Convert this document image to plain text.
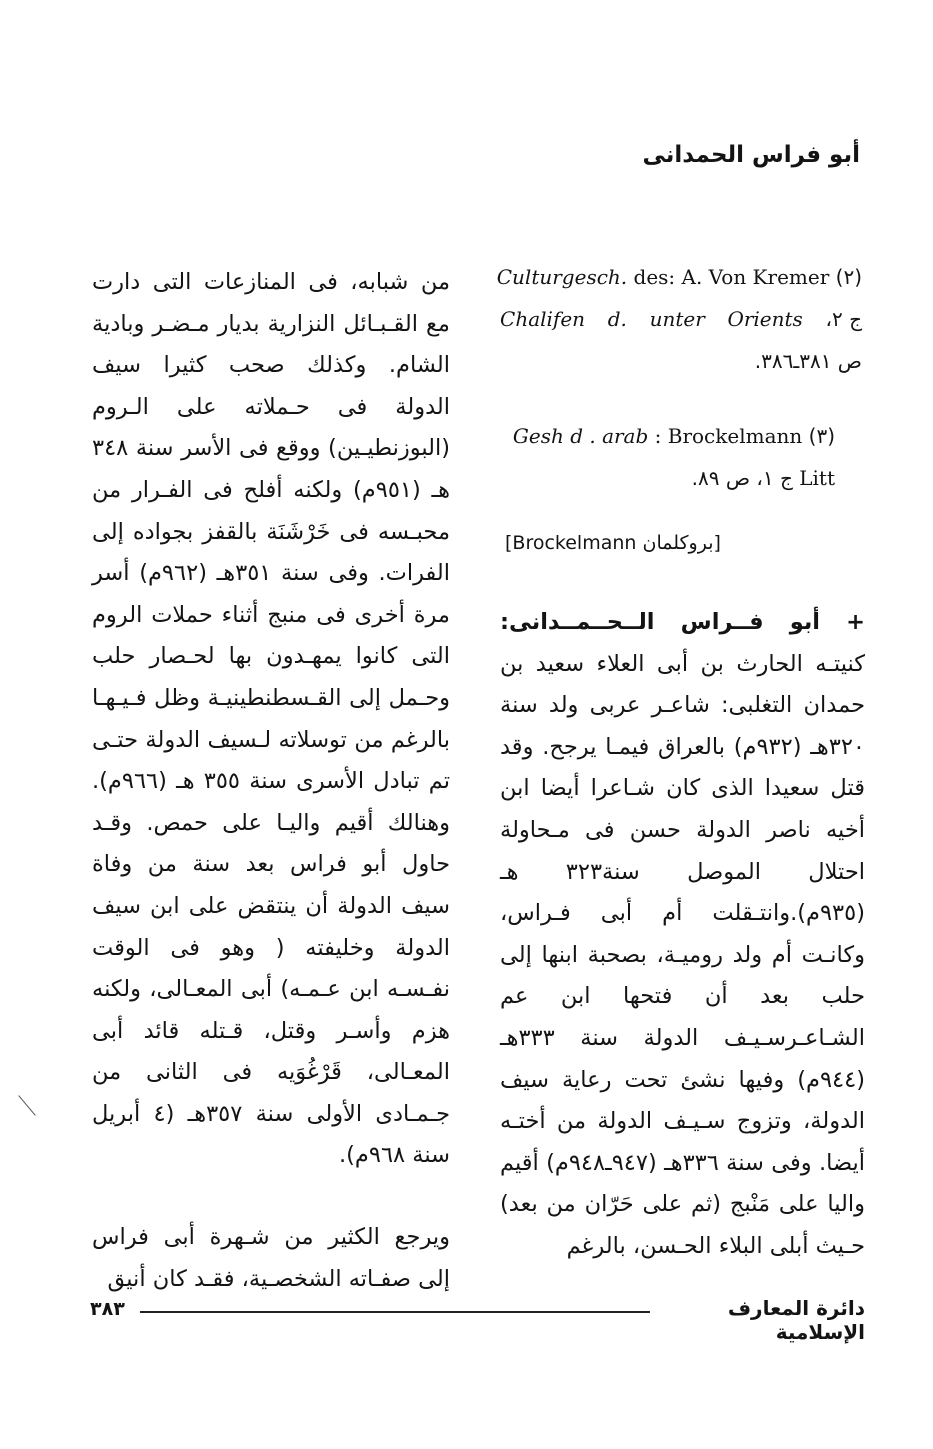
أبو فراس الحمدانى
(٢) A. Von Kremer des: Culturgesch.
ج ٢،
Orients
unter
d.
Chalifen
ص ٣٨١ـ٣٨٦.
(٣) Brockelmann : Gesh d . arab
Litt ج ١، ص ٨٩.
[بروكلمان Brockelmann]

+ أبو فــراس الــحــمــدانى: كنيتـه الحارث بن أبى العلاء سعيد بن حمدان التغلبى: شاعـر عربى ولد سنة ٣٢٠هـ (٩٣٢م) بالعراق فيمـا يرجح. وقد قتل سعيدا الذى كان شـاعرا أيضا ابن أخيه ناصر الدولة حسن فى مـحاولة احتلال الموصل سنة٣٢٣ هـ (٩٣٥م).وانتـقلت أم أبى فـراس، وكانـت أم ولد روميـة، بصحبة ابنها إلى حلب بعد أن فتحها ابن عم الشـاعـرسـيـف الدولة سنة ٣٣٣هـ (٩٤٤م) وفيها نشئ تحت رعاية سيف الدولة، وتزوج سـيـف الدولة من أختـه أيضا. وفى سنة ٣٣٦هـ (٩٤٧ـ٩٤٨م) أقيم واليا على مَنْبج (ثم على حَرّان من بعد) حـيث أبلى البلاء الحـسن، بالرغم

من شبابه، فى المنازعات التى دارت مع القـبـائل النزارية بديار مـضـر وبادية الشام. وكذلك صحب كثيرا سيف الدولة فى حـملاته على الـروم (البوزنطيـين) ووقع فى الأسر سنة ٣٤٨ هـ (٩٥١م) ولكنه أفلح فى الفـرار من محبـسه فى خَرْشَنَة بالقفز بجواده إلى الفرات. وفى سنة ٣٥١هـ (٩٦٢م) أسر مرة أخرى فى منبج أثناء حملات الروم التى كانوا يمهـدون بها لحـصار حلب وحـمل إلى القـسطنطينيـة وظل فـيـهـا بالرغم من توسلاته لـسيف الدولة حتـى تم تبادل الأسرى سنة ٣٥٥ هـ (٩٦٦م). وهنالك أقيم واليـا على حمص. وقـد حاول أبو فراس بعد سنة من وفاة سيف الدولة أن ينتقض على ابن سيف الدولة وخليفته ( وهو فى الوقت نفـسـه ابن عـمـه) أبى المعـالى، ولكنه هزم وأسـر وقتل، قـتله قائد أبى المعـالى، قَرْغُوَيه فى الثانى من جـمـادى الأولى سنة ٣٥٧هـ (٤ أبريل سنة ٩٦٨م).

ويرجع الكثير من شـهرة أبى فراس إلى صفـاته الشخصـية، فقـد كان أنيق

٣٨٣	دائرة المعارف الإسلامية
